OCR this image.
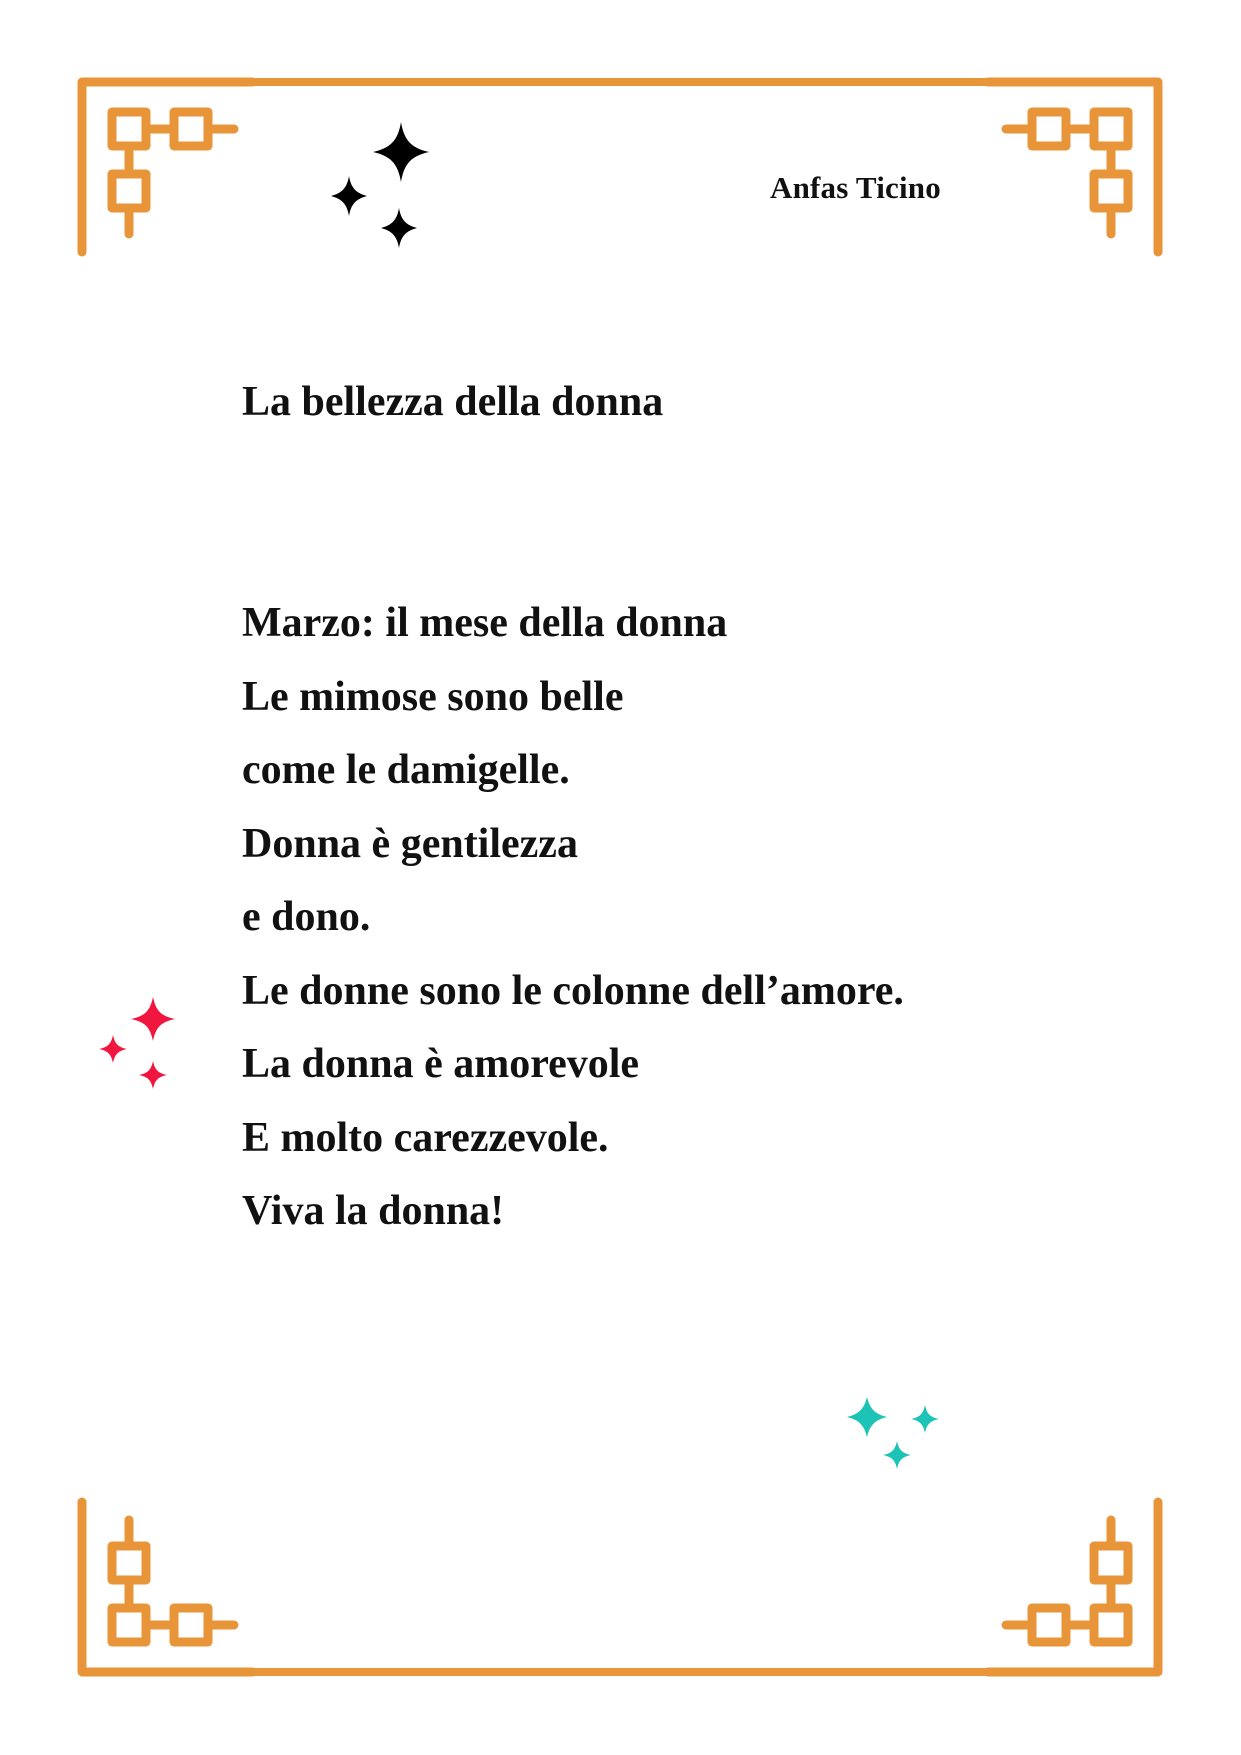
Anfas Ticino
La bellezza della donna
Marzo: il mese della donna
Le mimose sono belle
come le damigelle.
Donna è gentilezza
e dono.
Le donne sono le colonne dell’amore.
La donna è amorevole
E molto carezzevole.
Viva la donna!
